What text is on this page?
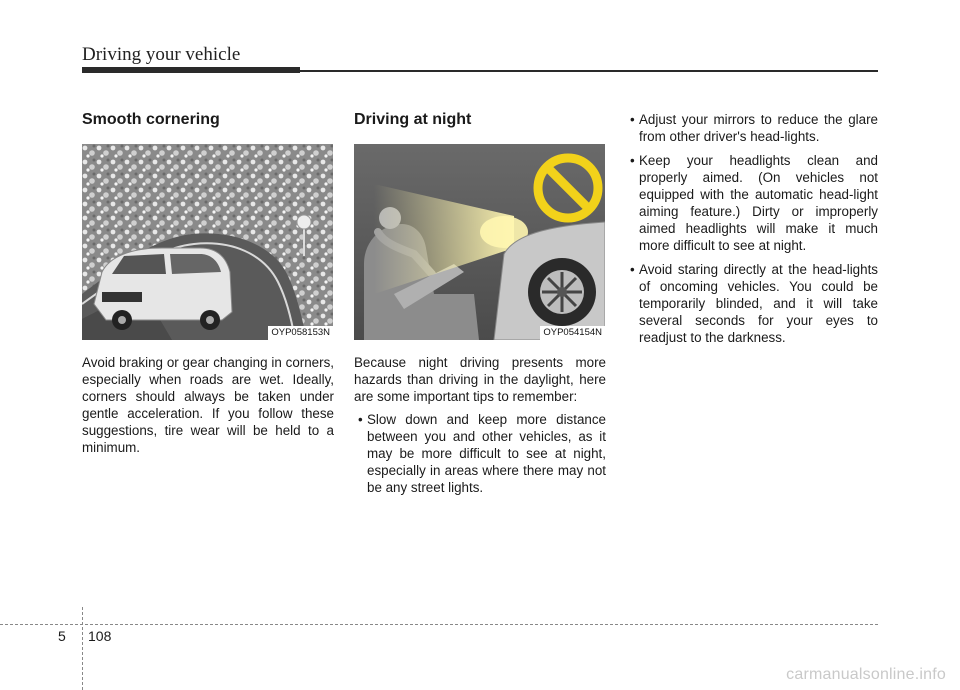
Driving your vehicle
Smooth cornering
OYP058153N

Avoid braking or gear changing in corners, especially when roads are wet. Ideally, corners should always be taken under gentle acceleration. If you follow these suggestions, tire wear will be held to a minimum.

Driving at night
OYP054154N

Because night driving presents more hazards than driving in the daylight, here are some important tips to remember:

• Slow down and keep more distance between you and other vehicles, as it may be more difficult to see at night, especially in areas where there may not be any street lights.
• Adjust your mirrors to reduce the glare from other driver's head-lights.
• Keep your headlights clean and properly aimed. (On vehicles not equipped with the automatic head-light aiming feature.) Dirty or improperly aimed headlights will make it much more difficult to see at night.
• Avoid staring directly at the head-lights of oncoming vehicles. You could be temporarily blinded, and it will take several seconds for your eyes to readjust to the darkness.
5 108
carmanualsonline.info
